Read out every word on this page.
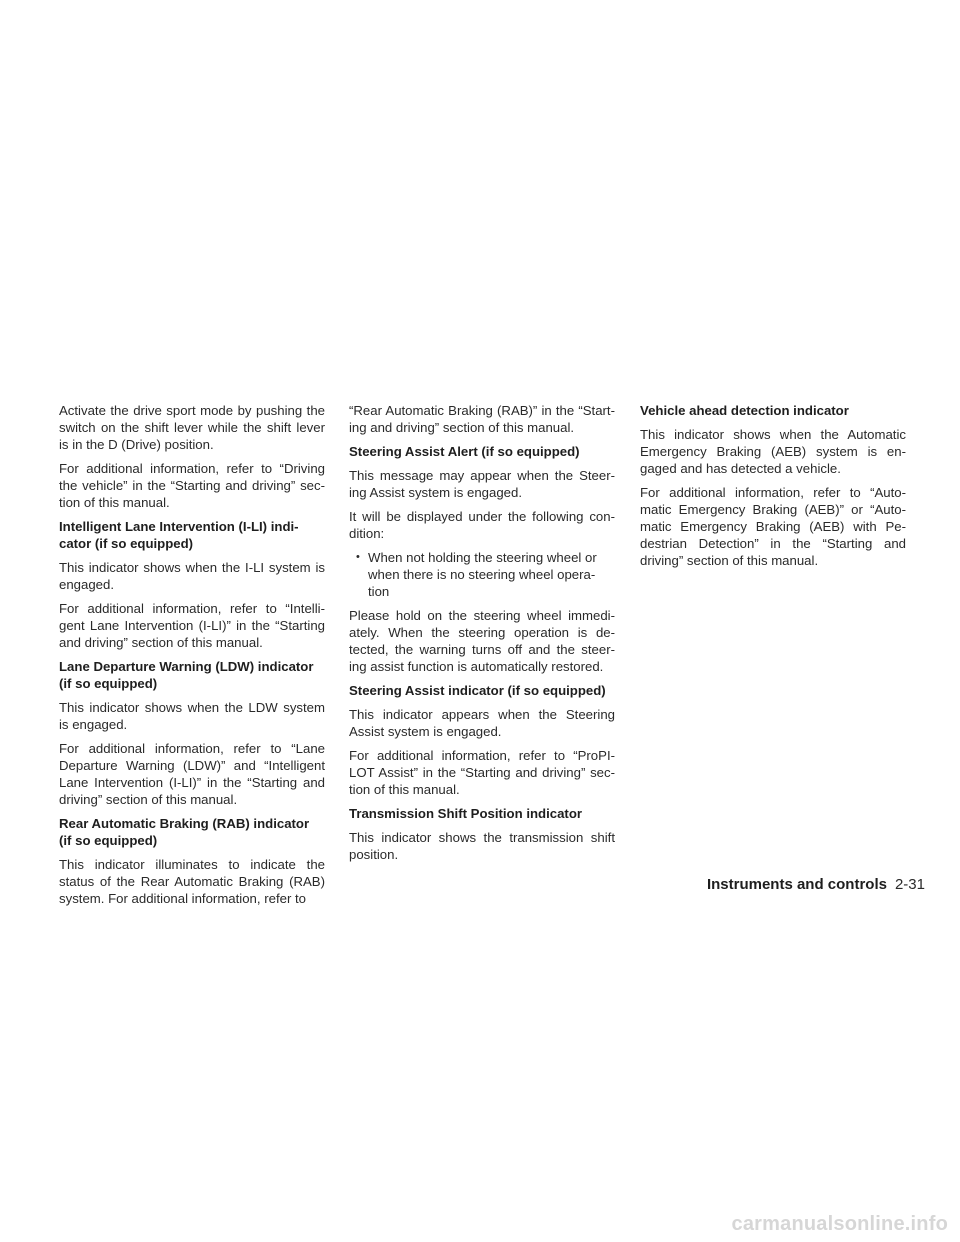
Activate the drive sport mode by pushing the switch on the shift lever while the shift lever is in the D (Drive) position.

For additional information, refer to “Driving the vehicle” in the “Starting and driving” sec- tion of this manual.

Intelligent Lane Intervention (I-LI) indi- cator (if so equipped)

This indicator shows when the I-LI system is engaged.

For additional information, refer to “Intelli- gent Lane Intervention (I-LI)” in the “Starting and driving” section of this manual.

Lane Departure Warning (LDW) indicator (if so equipped)

This indicator shows when the LDW system is engaged.

For additional information, refer to “Lane Departure Warning (LDW)” and “Intelligent Lane Intervention (I-LI)” in the “Starting and driving” section of this manual.

Rear Automatic Braking (RAB) indicator (if so equipped)

This indicator illuminates to indicate the status of the Rear Automatic Braking (RAB) system. For additional information, refer to

“Rear Automatic Braking (RAB)” in the “Start- ing and driving” section of this manual.

Steering Assist Alert (if so equipped)

This message may appear when the Steer- ing Assist system is engaged.

It will be displayed under the following con- dition:

• When not holding the steering wheel or when there is no steering wheel opera- tion

Please hold on the steering wheel immedi- ately. When the steering operation is de- tected, the warning turns off and the steer- ing assist function is automatically restored.

Steering Assist indicator (if so equipped)

This indicator appears when the Steering Assist system is engaged.

For additional information, refer to “ProPI- LOT Assist” in the “Starting and driving” sec- tion of this manual.

Transmission Shift Position indicator

This indicator shows the transmission shift position.

Vehicle ahead detection indicator

This indicator shows when the Automatic Emergency Braking (AEB) system is en- gaged and has detected a vehicle.

For additional information, refer to “Auto- matic Emergency Braking (AEB)” or “Auto- matic Emergency Braking (AEB) with Pe- destrian Detection” in the “Starting and driving” section of this manual.

Instruments and controls 2-31
carmanualsonline.info
